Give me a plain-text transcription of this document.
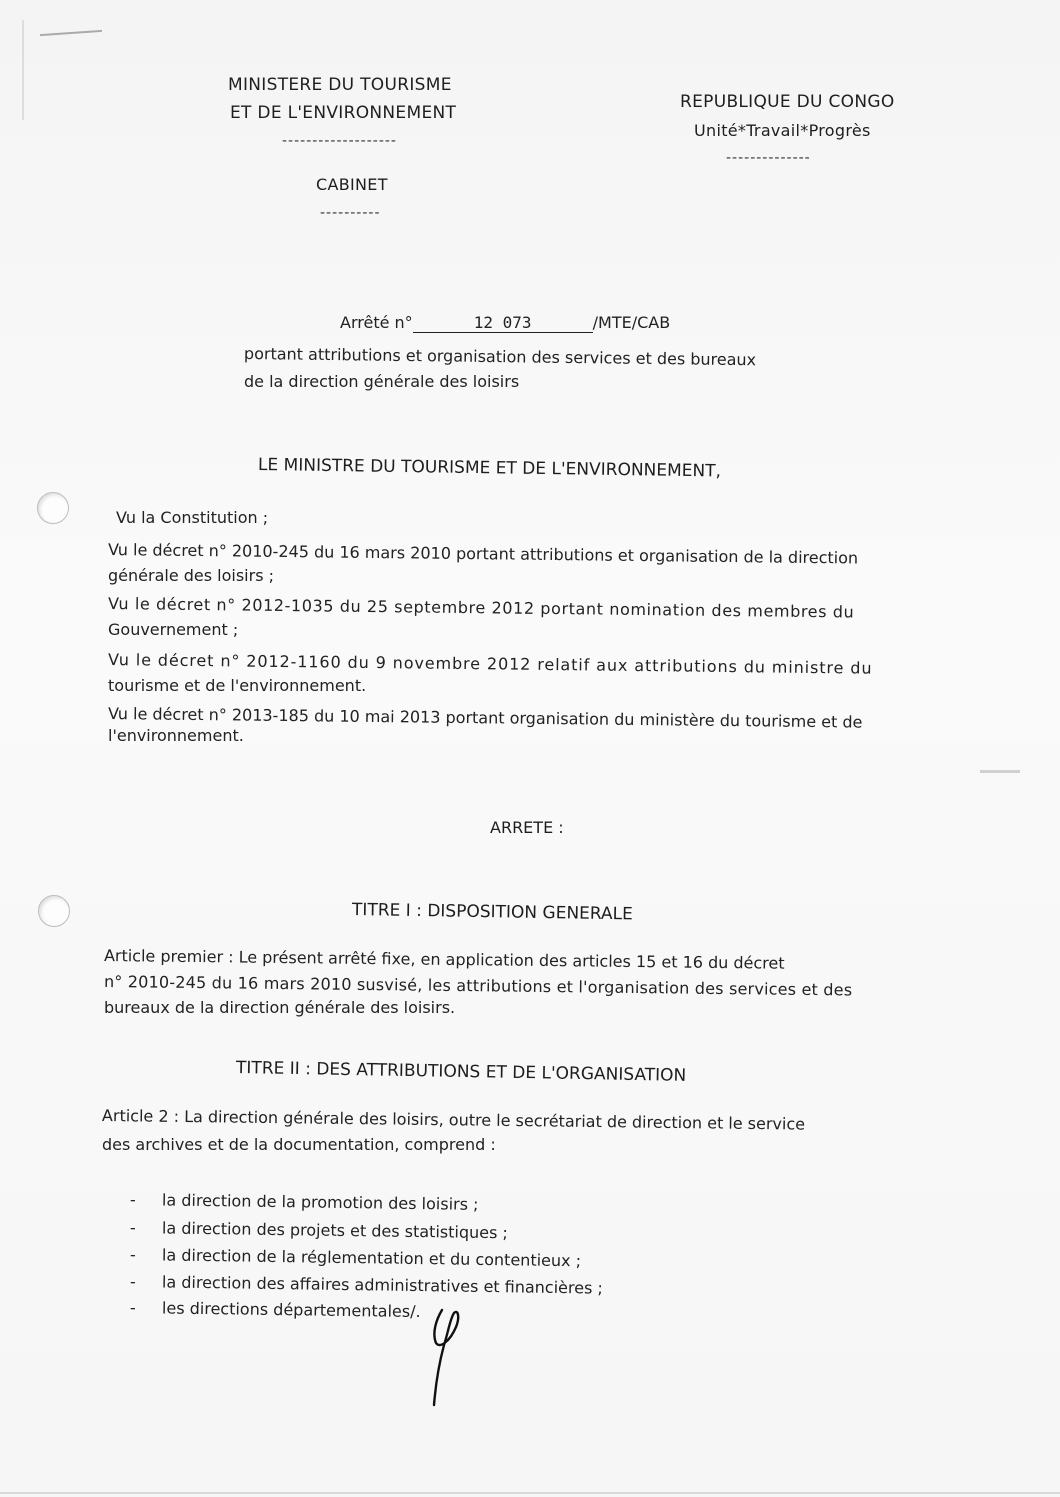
MINISTERE DU TOURISME
ET DE L'ENVIRONNEMENT
-------------------
CABINET
----------
REPUBLIQUE DU CONGO
Unité*Travail*Progrès
--------------
Arrêté n°	12 073	/MTE/CAB
portant attributions et organisation des services et des bureaux
de la direction générale des loisirs
LE MINISTRE DU TOURISME ET DE L'ENVIRONNEMENT,
Vu la Constitution ;
Vu le décret n° 2010-245 du 16 mars 2010 portant attributions et organisation de la direction
générale des loisirs ;
Vu le décret n° 2012-1035 du 25 septembre 2012 portant nomination des membres du
Gouvernement ;
Vu le décret n° 2012-1160 du 9 novembre 2012 relatif aux attributions du ministre du
tourisme et de l'environnement.
Vu le décret n° 2013-185 du 10 mai 2013 portant organisation du ministère du tourisme et de
l'environnement.
ARRETE :
TITRE I : DISPOSITION GENERALE
Article premier : Le présent arrêté fixe, en application des articles 15 et 16 du décret
n° 2010-245 du 16 mars 2010 susvisé, les attributions et l'organisation des services et des
bureaux de la direction générale des loisirs.
TITRE II : DES ATTRIBUTIONS ET DE L'ORGANISATION
Article 2 : La direction générale des loisirs, outre le secrétariat de direction et le service
des archives et de la documentation, comprend :
- la direction de la promotion des loisirs ;
- la direction des projets et des statistiques ;
- la direction de la réglementation et du contentieux ;
- la direction des affaires administratives et financières ;
- les directions départementales/.
